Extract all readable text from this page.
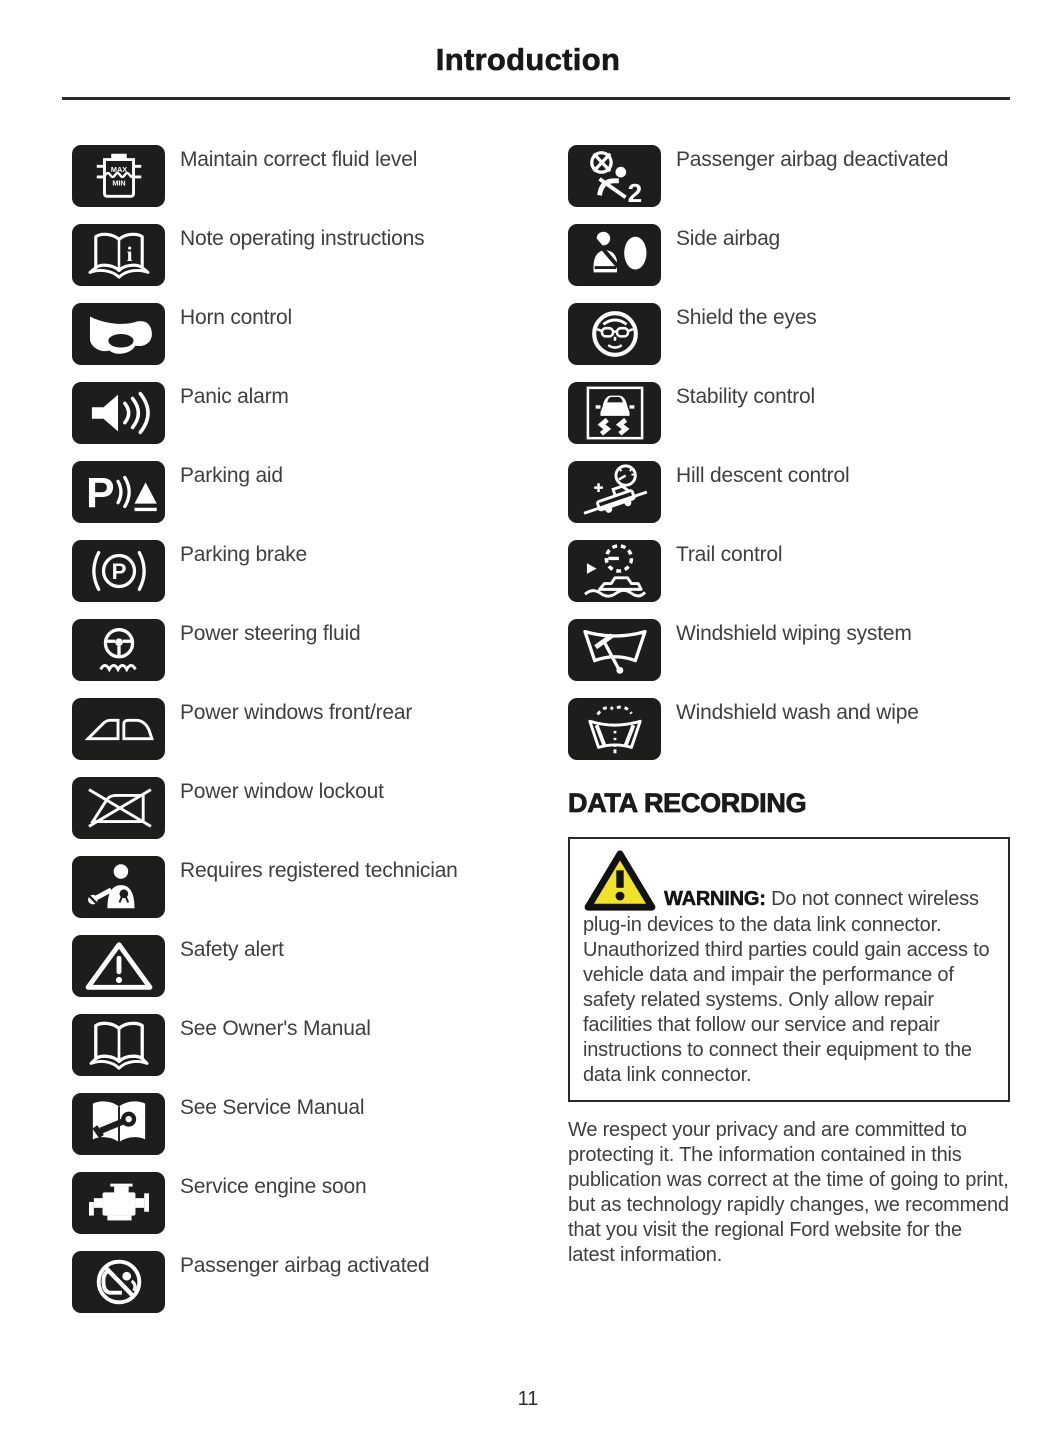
Introduction
MAX
MIN
Maintain correct fluid level
i
Note operating instructions
Horn control
Panic alarm
P	Parking aid
P
Parking brake
Power steering fluid
Power windows front/rear
Power window lockout
Requires registered technician
Safety alert
See Owner's Manual
See Service Manual
Service engine soon
Passenger airbag activated
2
Passenger airbag deactivated
Side airbag
Shield the eyes
Stability control
Hill descent control
Trail control
Windshield wiping system
Windshield wash and wipe
DATA RECORDING

WARNING: Do not connect wireless plug-in devices to the data link connector. Unauthorized third parties could gain access to vehicle data and impair the performance of safety related systems. Only allow repair facilities that follow our service and repair instructions to connect their equipment to the data link connector.

We respect your privacy and are committed to protecting it. The information contained in this publication was correct at the time of going to print, but as technology rapidly changes, we recommend that you visit the regional Ford website for the latest information.

11
